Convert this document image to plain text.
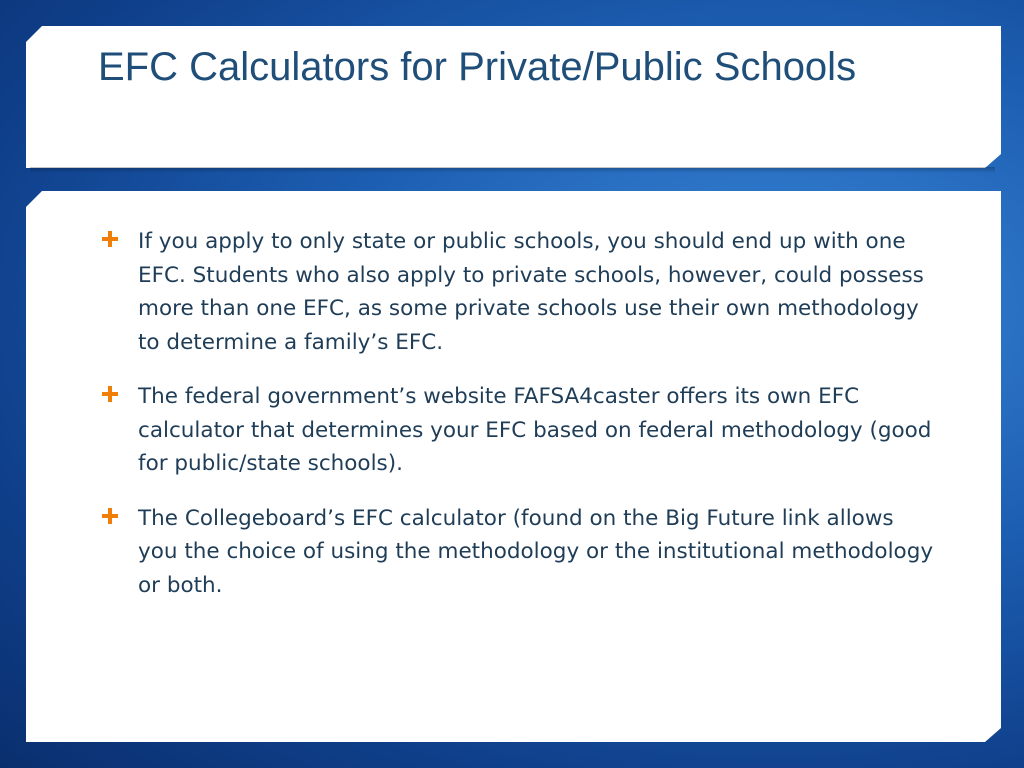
EFC Calculators for Private/Public Schools
If you apply to only state or public schools, you should end up with one EFC. Students who also apply to private schools, however, could possess more than one EFC, as some private schools use their own methodology to determine a family’s EFC.
The federal government’s website FAFSA4caster offers its own EFC calculator that determines your EFC based on federal methodology (good for public/state schools).
The Collegeboard’s EFC calculator (found on the Big Future link allows you the choice of using the methodology or the institutional methodology or both.
